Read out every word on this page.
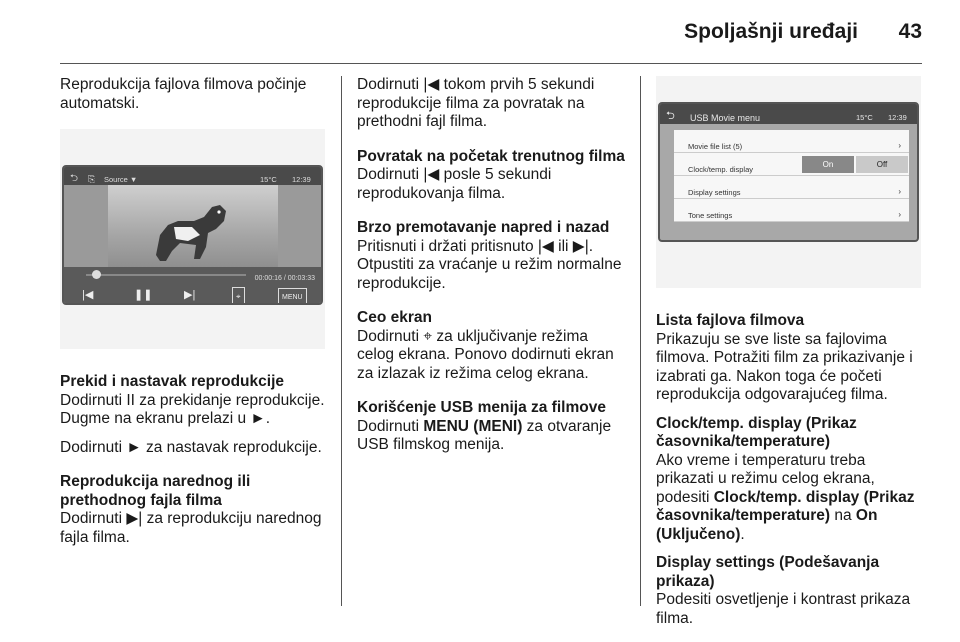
Spoljašnji uređaji 43

Reprodukcija fajlova filmova počinje automatski.

⮌ ⎘ Source ▼	15°C 12:39
00:00:16 / 00:03:33
|◀	❚❚	▶|	⌖	MENU
Prekid i nastavak reprodukcije

Dodirnuti II za prekidanje reprodukcije. Dugme na ekranu prelazi u ►.

Dodirnuti ► za nastavak reprodukcije.

Reprodukcija narednog ili prethodnog fajla filma

Dodirnuti ▶| za reprodukciju narednog fajla filma.

Dodirnuti |◀ tokom prvih 5 sekundi reprodukcije filma za povratak na prethodni fajl filma.

Povratak na početak trenutnog filma

Dodirnuti |◀ posle 5 sekundi reprodukovanja filma.

Brzo premotavanje napred i nazad

Pritisnuti i držati pritisnuto |◀ ili ▶|. Otpustiti za vraćanje u režim normalne reprodukcije.

Ceo ekran

Dodirnuti ⌖ za uključivanje režima celog ekrana. Ponovo dodirnuti ekran za izlazak iz režima celog ekrana.

Korišćenje USB menija za filmove

Dodirnuti MENU (MENI) za otvaranje USB filmskog menija.

⮌ USB Movie menu	15°C 12:39
Movie file list (5)	›
Clock/temp. display
On	Off
Display settings	›
Tone settings	›
Lista fajlova filmova

Prikazuju se sve liste sa fajlovima filmova. Potražiti film za prikazivanje i izabrati ga. Nakon toga će početi reprodukcija odgovarajućeg filma.

Clock/temp. display (Prikaz časovnika/temperature)

Ako vreme i temperaturu treba prikazati u režimu celog ekrana, podesiti Clock/temp. display (Prikaz časovnika/temperature) na On (Uključeno).

Display settings (Podešavanja prikaza)

Podesiti osvetljenje i kontrast prikaza filma.
